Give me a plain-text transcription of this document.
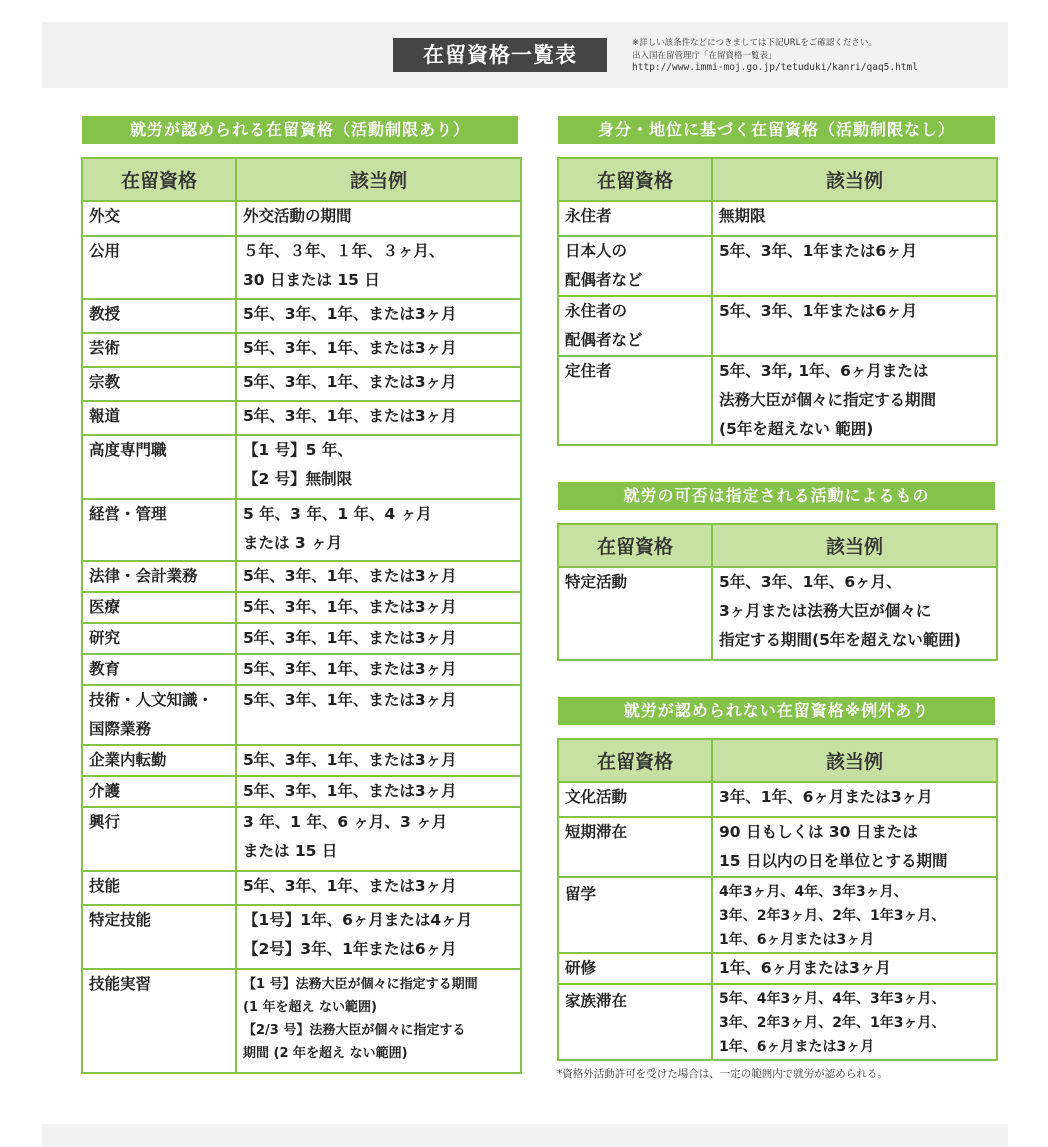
在留資格一覧表	※詳しい該条件などにつきましては下記URLをご確認ください。
出入国在留管理庁「在留資格一覧表」
http://www.immi-moj.go.jp/tetuduki/kanri/qaq5.html
就労が認められる在留資格（活動制限あり）
在留資格	該当例

外交	外交活動の期間

公用	５年、３年、１年、３ヶ月、
30 日または 15 日

教授	5年、3年、1年、または3ヶ月

芸術	5年、3年、1年、または3ヶ月

宗教	5年、3年、1年、または3ヶ月

報道	5年、3年、1年、または3ヶ月

高度専門職	【1 号】5 年、
【2 号】無制限

経営・管理	5 年、3 年、1 年、4 ヶ月
または 3 ヶ月

法律・会計業務	5年、3年、1年、または3ヶ月

医療	5年、3年、1年、または3ヶ月

研究	5年、3年、1年、または3ヶ月

教育	5年、3年、1年、または3ヶ月

技術・人文知識・
国際業務	5年、3年、1年、または3ヶ月

企業内転勤	5年、3年、1年、または3ヶ月

介護	5年、3年、1年、または3ヶ月

興行	3 年、1 年、6 ヶ月、3 ヶ月
または 15 日

技能	5年、3年、1年、または3ヶ月

特定技能	【1号】1年、6ヶ月または4ヶ月
【2号】3年、1年または6ヶ月

技能実習	【1 号】法務大臣が個々に指定する期間
(1 年を超え ない範囲)
【2/3 号】法務大臣が個々に指定する
期間 (2 年を超え ない範囲)
身分・地位に基づく在留資格（活動制限なし）
在留資格	該当例

永住者	無期限

日本人の
配偶者など	5年、3年、1年または6ヶ月

永住者の
配偶者など	5年、3年、1年または6ヶ月

定住者	5年、3年, 1年、6ヶ月または
法務大臣が個々に指定する期間
(5年を超えない 範囲)
就労の可否は指定される活動によるもの
在留資格	該当例

特定活動	5年、3年、1年、6ヶ月、
3ヶ月または法務大臣が個々に
指定する期間(5年を超えない範囲)
就労が認められない在留資格※例外あり
在留資格	該当例

文化活動	3年、1年、6ヶ月または3ヶ月

短期滞在	90 日もしくは 30 日または
15 日以内の日を単位とする期間

留学	4年3ヶ月、4年、3年3ヶ月、
3年、2年3ヶ月、2年、1年3ヶ月、
1年、6ヶ月または3ヶ月

研修	1年、6ヶ月または3ヶ月

家族滞在	5年、4年3ヶ月、4年、3年3ヶ月、
3年、2年3ヶ月、2年、1年3ヶ月、
1年、6ヶ月または3ヶ月
*資格外活動許可を受けた場合は、一定の範囲内で就労が認められる。
